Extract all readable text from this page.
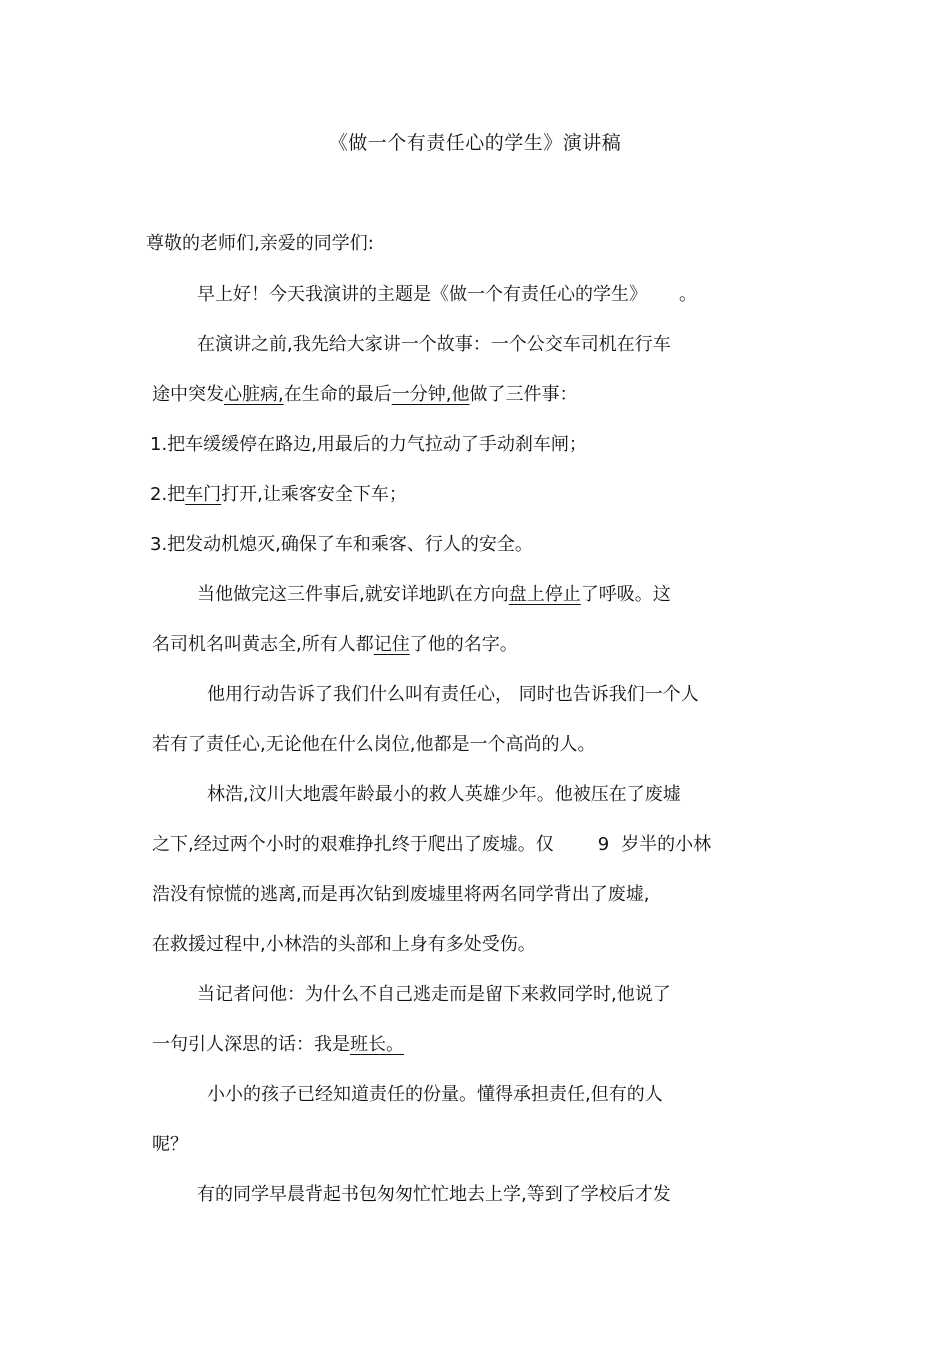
《做一个有责任心的学生》演讲稿
尊敬的老师们,亲爱的同学们:
早上好！今天我演讲的主题是《做一个有责任心的学生》 。
在演讲之前,我先给大家讲一个故事：一个公交车司机在行车
途中突发心脏病,在生命的最后一分钟,他做了三件事：
1.把车缓缓停在路边,用最后的力气拉动了手动刹车闸；
2.把车门打开,让乘客安全下车；
3.把发动机熄灭,确保了车和乘客、行人的安全。
当他做完这三件事后,就安详地趴在方向盘上停止了呼吸。这
名司机名叫黄志全,所有人都记住了他的名字。
他用行动告诉了我们什么叫有责任心， 同时也告诉我们一个人
若有了责任心,无论他在什么岗位,他都是一个高尚的人。
林浩,汶川大地震年龄最小的救人英雄少年。他被压在了废墟
之下,经过两个小时的艰难挣扎终于爬出了废墟。仅 9 岁半的小林
浩没有惊慌的逃离,而是再次钻到废墟里将两名同学背出了废墟,
在救援过程中,小林浩的头部和上身有多处受伤。
当记者问他：为什么不自己逃走而是留下来救同学时,他说了
一句引人深思的话：我是班长。
小小的孩子已经知道责任的份量。懂得承担责任,但有的人
呢？
有的同学早晨背起书包匆匆忙忙地去上学,等到了学校后才发
